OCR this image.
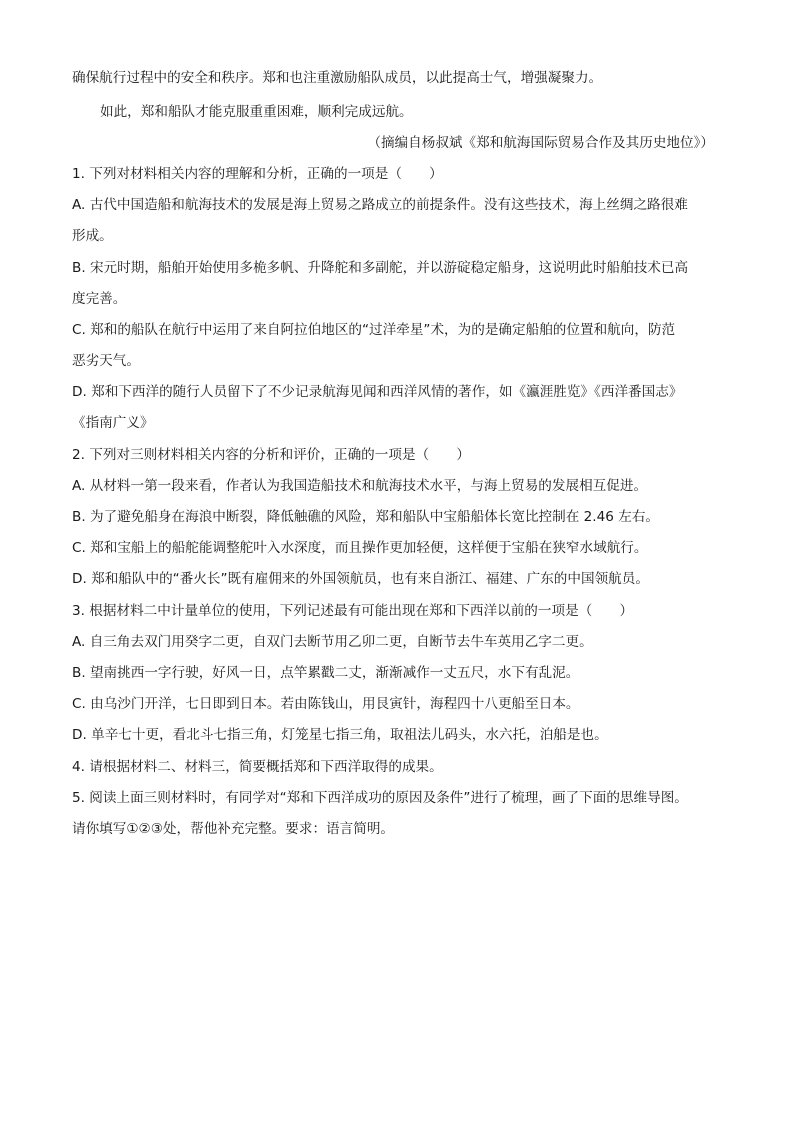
确保航行过程中的安全和秩序。郑和也注重激励船队成员，以此提高士气，增强凝聚力。
如此，郑和船队才能克服重重困难，顺利完成远航。
（摘编自杨叔斌《郑和航海国际贸易合作及其历史地位》）
1. 下列对材料相关内容的理解和分析，正确的一项是（　　）
A. 古代中国造船和航海技术的发展是海上贸易之路成立的前提条件。没有这些技术，海上丝绸之路很难
形成。
B. 宋元时期，船舶开始使用多桅多帆、升降舵和多副舵，并以游碇稳定船身，这说明此时船舶技术已高
度完善。
C. 郑和的船队在航行中运用了来自阿拉伯地区的“过洋牵星”术，为的是确定船舶的位置和航向，防范
恶劣天气。
D. 郑和下西洋的随行人员留下了不少记录航海见闻和西洋风情的著作，如《瀛涯胜览》《西洋番国志》
《指南广义》
2. 下列对三则材料相关内容的分析和评价，正确的一项是（　　）
A. 从材料一第一段来看，作者认为我国造船技术和航海技术水平，与海上贸易的发展相互促进。
B. 为了避免船身在海浪中断裂，降低触礁的风险，郑和船队中宝船船体长宽比控制在 2.46 左右。
C. 郑和宝船上的船舵能调整舵叶入水深度，而且操作更加轻便，这样便于宝船在狭窄水域航行。
D. 郑和船队中的“番火长”既有雇佣来的外国领航员，也有来自浙江、福建、广东的中国领航员。
3. 根据材料二中计量单位的使用，下列记述最有可能出现在郑和下西洋以前的一项是（　　）
A. 自三角去双门用癸字二更，自双门去断节用乙卯二更，自断节去牛车英用乙字二更。
B. 望南挑西一字行驶，好风一日，点竿累戳二丈，渐渐减作一丈五尺，水下有乱泥。
C. 由乌沙门开洋，七日即到日本。若由陈钱山，用艮寅针，海程四十八更船至日本。
D. 单辛七十更，看北斗七指三角，灯笼星七指三角，取祖法儿码头，水六托，泊船是也。
4. 请根据材料二、材料三，简要概括郑和下西洋取得的成果。
5. 阅读上面三则材料时，有同学对“郑和下西洋成功的原因及条件”进行了梳理，画了下面的思维导图。
请你填写①②③处，帮他补充完整。要求：语言简明。
